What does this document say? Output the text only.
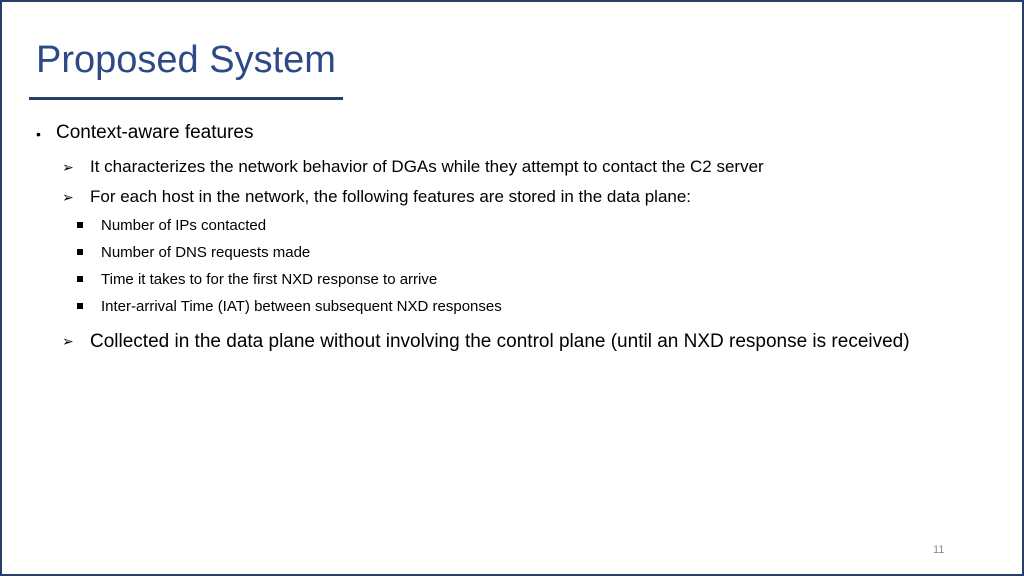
Proposed System
• Context-aware features
➢ It characterizes the network behavior of DGAs while they attempt to contact the C2 server
➢ For each host in the network, the following features are stored in the data plane:
Number of IPs contacted
Number of DNS requests made
Time it takes to for the first NXD response to arrive
Inter-arrival Time (IAT) between subsequent NXD responses
➢ Collected in the data plane without involving the control plane (until an NXD response is received)
11
